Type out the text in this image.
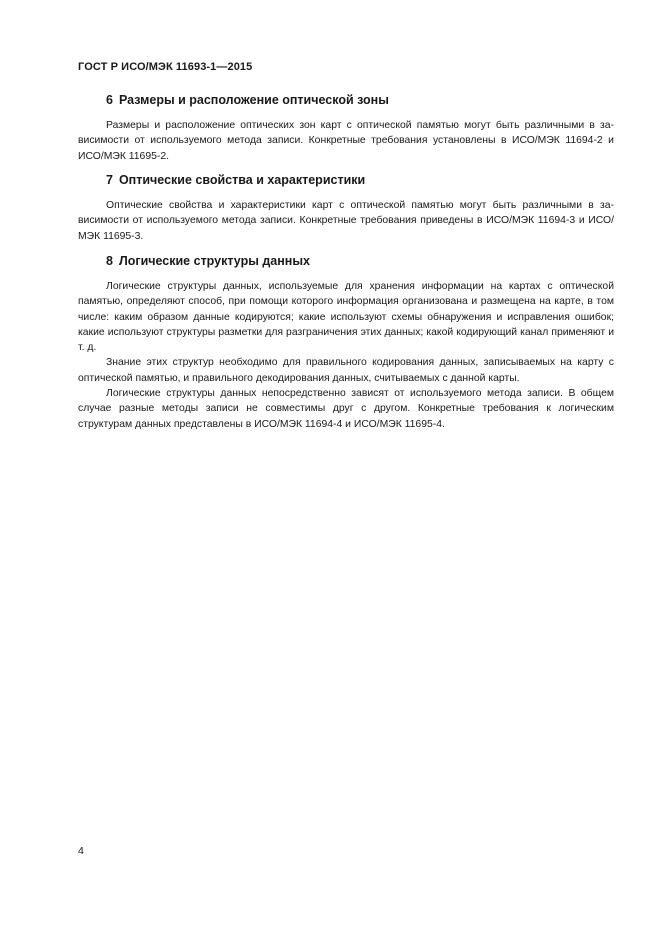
ГОСТ Р ИСО/МЭК 11693-1—2015
6 Размеры и расположение оптической зоны

Размеры и расположение оптических зон карт с оптической памятью могут быть различными в зависимости от используемого метода записи. Конкретные требования установлены в ИСО/МЭК 11694-2 и ИСО/МЭК 11695-2.

7 Оптические свойства и характеристики

Оптические свойства и характеристики карт с оптической памятью могут быть различными в зависимости от используемого метода записи. Конкретные требования приведены в ИСО/МЭК 11694-3 и ИСО/МЭК 11695-3.

8 Логические структуры данных

Логические структуры данных, используемые для хранения информации на картах с оптической памятью, определяют способ, при помощи которого информация организована и размещена на карте, в том числе: каким образом данные кодируются; какие используют схемы обнаружения и исправления ошибок; какие используют структуры разметки для разграничения этих данных; какой кодирующий канал применяют и т. д.

Знание этих структур необходимо для правильного кодирования данных, записываемых на карту с оптической памятью, и правильного декодирования данных, считываемых с данной карты.

Логические структуры данных непосредственно зависят от используемого метода записи. В общем случае разные методы записи не совместимы друг с другом. Конкретные требования к логическим структурам данных представлены в ИСО/МЭК 11694-4 и ИСО/МЭК 11695-4.

4
